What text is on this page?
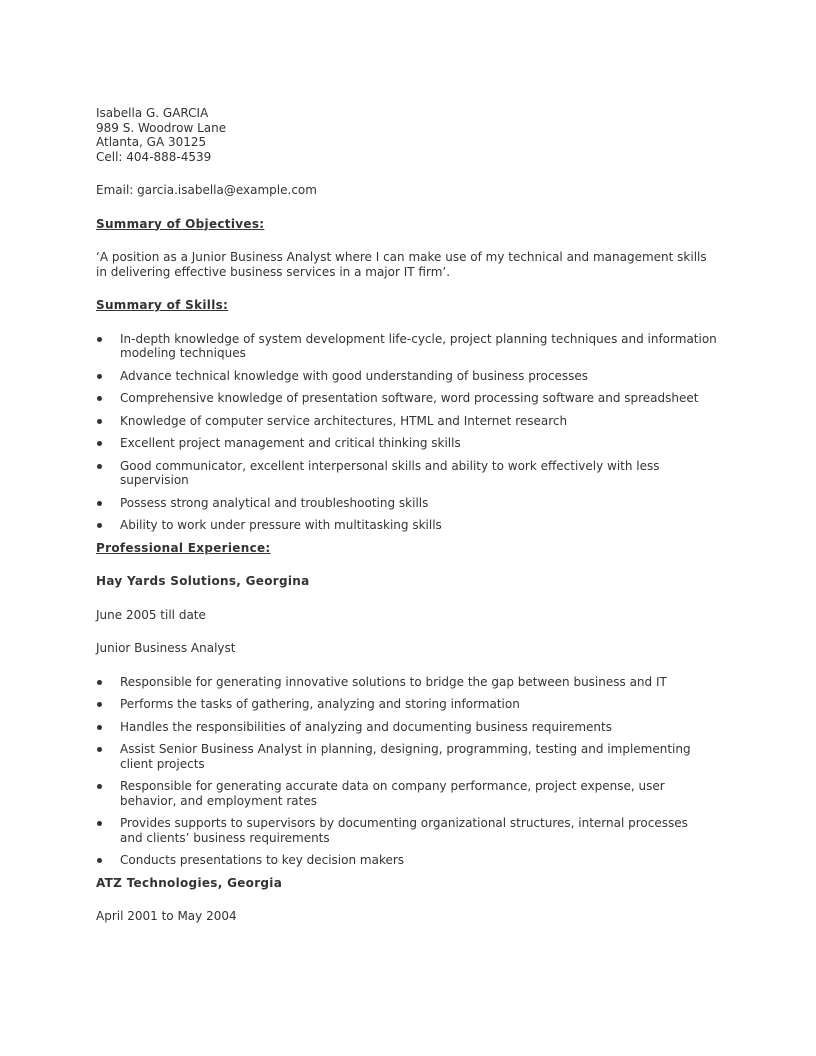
Isabella G. GARCIA

989 S. Woodrow Lane

Atlanta, GA 30125

Cell: 404-888-4539

Email: garcia.isabella@example.com

Summary of Objectives:

‘A position as a Junior Business Analyst where I can make use of my technical and management skills in delivering effective business services in a major IT firm’.

Summary of Skills:

In-depth knowledge of system development life-cycle, project planning techniques and information modeling techniques
Advance technical knowledge with good understanding of business processes
Comprehensive knowledge of presentation software, word processing software and spreadsheet
Knowledge of computer service architectures, HTML and Internet research
Excellent project management and critical thinking skills
Good communicator, excellent interpersonal skills and ability to work effectively with less supervision
Possess strong analytical and troubleshooting skills
Ability to work under pressure with multitasking skills

Professional Experience:

Hay Yards Solutions, Georgina

June 2005 till date

Junior Business Analyst

Responsible for generating innovative solutions to bridge the gap between business and IT
Performs the tasks of gathering, analyzing and storing information
Handles the responsibilities of analyzing and documenting business requirements
Assist Senior Business Analyst in planning, designing, programming, testing and implementing client projects
Responsible for generating accurate data on company performance, project expense, user behavior, and employment rates
Provides supports to supervisors by documenting organizational structures, internal processes and clients’ business requirements
Conducts presentations to key decision makers

ATZ Technologies, Georgia

April 2001 to May 2004
